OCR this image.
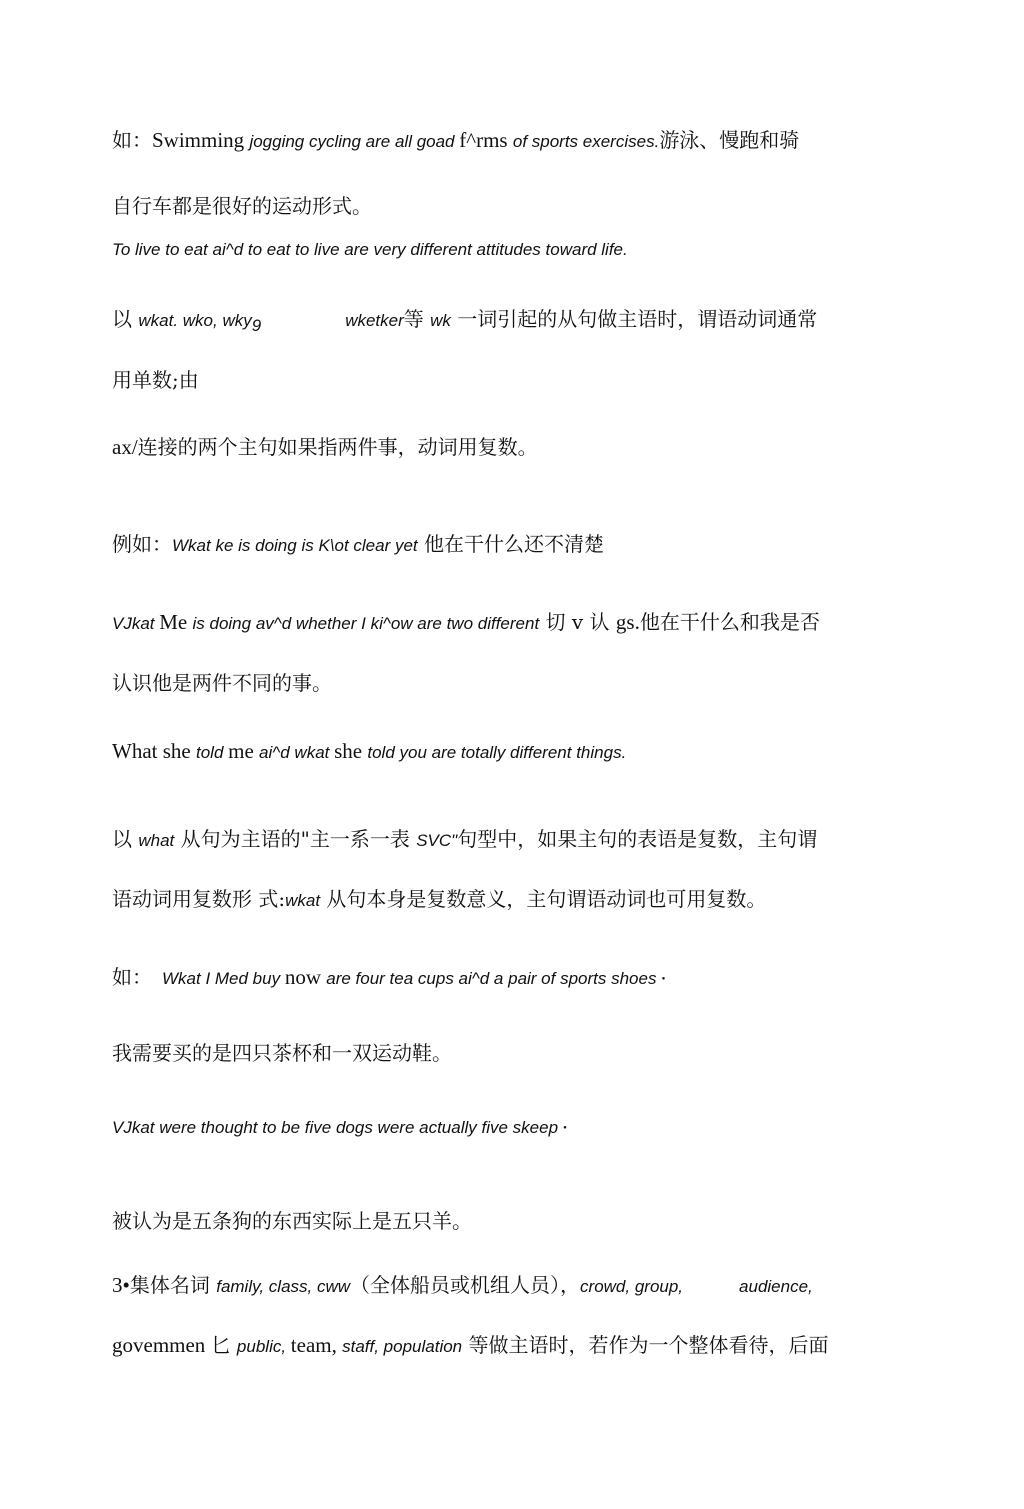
如：Swimming jogging cycling are all goad f^rms of sports exercises.游泳、慢跑和骑
自行车都是很好的运动形式。
To live to eat ai^d to eat to live are very different attitudes toward life.
以 wkat. wko, wky$_9$	wketker等 wk 一词引起的从句做主语时，谓语动词通常
用单数;由
ax/连接的两个主句如果指两件事，动词用复数。
例如：Wkat ke is doing is K\ot clear yet 他在干什么还不清楚
VJkat Me is doing av^d whether I ki^ow are two different 切 v 认 gs.他在干什么和我是否
认识他是两件不同的事。
What she told me ai^d wkat she told you are totally different things.
以 what 从句为主语的"主一系一表 SVC"句型中，如果主句的表语是复数，主句谓
语动词用复数形 式:wkat 从句本身是复数意义，主句谓语动词也可用复数。
如： Wkat I Med buy now are four tea cups ai^d a pair of sports shoes・
我需要买的是四只茶杯和一双运动鞋。
VJkat were thought to be five dogs were actually five skeep・
被认为是五条狗的东西实际上是五只羊。
3•集体名词 family, class, cww（全体船员或机组人员），crowd, group,	audience,
govemmen 匕 public, team, staff, population 等做主语时，若作为一个整体看待，后面
